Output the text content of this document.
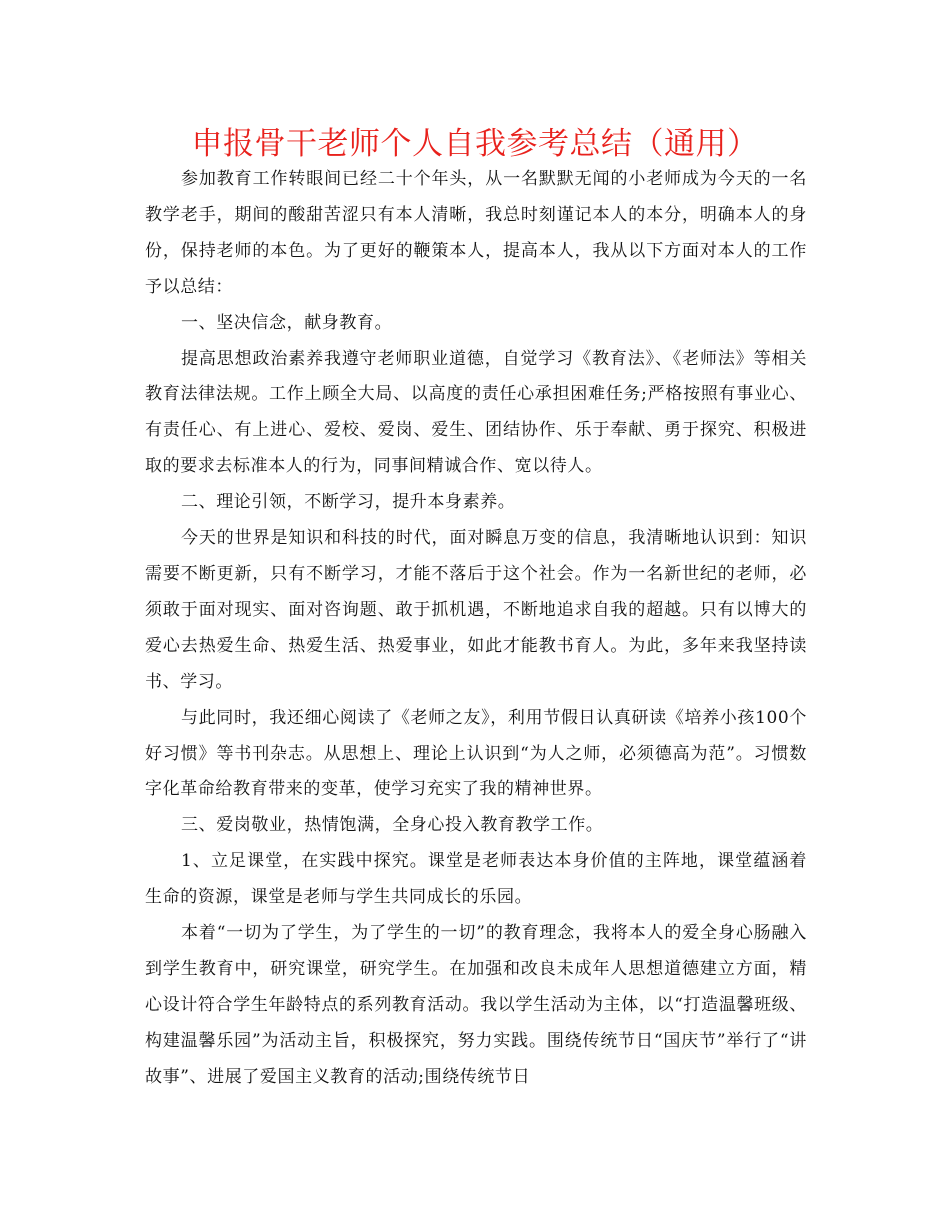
申报骨干老师个人自我参考总结（通用）

参加教育工作转眼间已经二十个年头，从一名默默无闻的小老师成为今天的一名教学老手，期间的酸甜苦涩只有本人清晰，我总时刻谨记本人的本分，明确本人的身份，保持老师的本色。为了更好的鞭策本人，提高本人，我从以下方面对本人的工作予以总结：

一、坚决信念，献身教育。

提高思想政治素养我遵守老师职业道德，自觉学习《教育法》、《老师法》等相关教育法律法规。工作上顾全大局、以高度的责任心承担困难任务;严格按照有事业心、有责任心、有上进心、爱校、爱岗、爱生、团结协作、乐于奉献、勇于探究、积极进取的要求去标准本人的行为，同事间精诚合作、宽以待人。

二、理论引领，不断学习，提升本身素养。

今天的世界是知识和科技的时代，面对瞬息万变的信息，我清晰地认识到：知识需要不断更新，只有不断学习，才能不落后于这个社会。作为一名新世纪的老师，必须敢于面对现实、面对咨询题、敢于抓机遇，不断地追求自我的超越。只有以博大的爱心去热爱生命、热爱生活、热爱事业，如此才能教书育人。为此，多年来我坚持读书、学习。

与此同时，我还细心阅读了《老师之友》，利用节假日认真研读《培养小孩100个好习惯》等书刊杂志。从思想上、理论上认识到“为人之师，必须德高为范”。习惯数字化革命给教育带来的变革，使学习充实了我的精神世界。

三、爱岗敬业，热情饱满，全身心投入教育教学工作。

1、立足课堂，在实践中探究。课堂是老师表达本身价值的主阵地，课堂蕴涵着生命的资源，课堂是老师与学生共同成长的乐园。

本着“一切为了学生，为了学生的一切”的教育理念，我将本人的爱全身心肠融入到学生教育中，研究课堂，研究学生。在加强和改良未成年人思想道德建立方面，精心设计符合学生年龄特点的系列教育活动。我以学生活动为主体，以“打造温馨班级、构建温馨乐园”为活动主旨，积极探究，努力实践。围绕传统节日“国庆节”举行了“讲故事”、进展了爱国主义教育的活动;围绕传统节日
